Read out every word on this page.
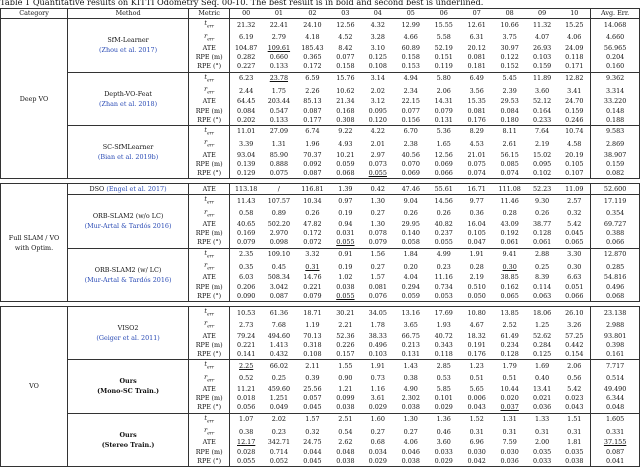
Table 1 Quantitative results on KITTI Odometry Seq. 00-10. The best result is in bold and second best is underlined.
Category	Method	Metric	00	01	02	03	04	05	06	07	08	09	10	Avg. Err.
Deep VO	SfM-Learner
(Zhou et al. 2017)	$t_{err}$	21.32	22.41	24.10	12.56	4.32	12.99	15.55	12.61	10.66	11.32	15.25	14.068
		$r_{err}$	6.19	2.79	4.18	4.52	3.28	4.66	5.58	6.31	3.75	4.07	4.06	4.660
		ATE	104.87	109.61	185.43	8.42	3.10	60.89	52.19	20.12	30.97	26.93	24.09	56.965
		RPE (m)	0.282	0.660	0.365	0.077	0.125	0.158	0.151	0.081	0.122	0.103	0.118	0.204
		RPE (°)	0.227	0.133	0.172	0.158	0.108	0.153	0.119	0.181	0.152	0.159	0.171	0.160

	Depth-VO-Feat
(Zhan et al. 2018)	$t_{err}$	6.23	23.78	6.59	15.76	3.14	4.94	5.80	6.49	5.45	11.89	12.82	9.362
		$r_{err}$	2.44	1.75	2.26	10.62	2.02	2.34	2.06	3.56	2.39	3.60	3.41	3.314
		ATE	64.45	203.44	85.13	21.34	3.12	22.15	14.31	15.35	29.53	52.12	24.70	33.220
		RPE (m)	0.084	0.547	0.087	0.168	0.095	0.077	0.079	0.081	0.084	0.164	0.159	0.148
		RPE (°)	0.202	0.133	0.177	0.308	0.120	0.156	0.131	0.176	0.180	0.233	0.246	0.188

	SC-SfMLearner
(Bian et al. 2019b)	$t_{err}$	11.01	27.09	6.74	9.22	4.22	6.70	5.36	8.29	8.11	7.64	10.74	9.583
		$r_{err}$	3.39	1.31	1.96	4.93	2.01	2.38	1.65	4.53	2.61	2.19	4.58	2.869
		ATE	93.04	85.90	70.37	10.21	2.97	40.56	12.56	21.01	56.15	15.02	20.19	38.907
		RPE (m)	0.139	0.888	0.092	0.059	0.073	0.070	0.069	0.075	0.085	0.095	0.105	0.159
		RPE (°)	0.129	0.075	0.087	0.068	0.055	0.069	0.066	0.074	0.074	0.102	0.107	0.082

Full SLAM / VO with Optim.	DSO (Engel et al. 2017)	ATE	113.18	/	116.81	1.39	0.42	47.46	55.61	16.71	111.08	52.23	11.09	52.600

	ORB-SLAM2 (w/o LC)
(Mur-Artal & Tardós 2016)	$t_{err}$	11.43	107.57	10.34	0.97	1.30	9.04	14.56	9.77	11.46	9.30	2.57	17.119
		$r_{err}$	0.58	0.89	0.26	0.19	0.27	0.26	0.26	0.36	0.28	0.26	0.32	0.354
		ATE	40.65	502.20	47.82	0.94	1.30	29.95	40.82	16.04	43.09	38.77	5.42	69.727
		RPE (m)	0.169	2.970	0.172	0.031	0.078	0.140	0.237	0.105	0.192	0.128	0.045	0.388
		RPE (°)	0.079	0.098	0.072	0.055	0.079	0.058	0.055	0.047	0.061	0.061	0.065	0.066

	ORB-SLAM2 (w/ LC)
(Mur-Artal & Tardós 2016)	$t_{err}$	2.35	109.10	3.32	0.91	1.56	1.84	4.99	1.91	9.41	2.88	3.30	12.870
		$r_{err}$	0.35	0.45	0.31	0.19	0.27	0.20	0.23	0.28	0.30	0.25	0.30	0.285
		ATE	6.03	508.34	14.76	1.02	1.57	4.04	11.16	2.19	38.85	8.39	6.63	54.816
		RPE (m)	0.206	3.042	0.221	0.038	0.081	0.294	0.734	0.510	0.162	0.114	0.051	0.496
		RPE (°)	0.090	0.087	0.079	0.055	0.076	0.059	0.053	0.050	0.065	0.063	0.066	0.068

VO	VISO2
(Geiger et al. 2011)	$t_{err}$	10.53	61.36	18.71	30.21	34.05	13.16	17.69	10.80	13.85	18.06	26.10	23.138
		$r_{err}$	2.73	7.68	1.19	2.21	1.78	3.65	1.93	4.67	2.52	1.25	3.26	2.988
		ATE	79.24	494.60	70.13	52.36	38.33	66.75	40.72	18.32	61.49	52.62	57.25	93.801
		RPE (m)	0.221	1.413	0.318	0.226	0.496	0.213	0.343	0.191	0.234	0.284	0.442	0.398
		RPE (°)	0.141	0.432	0.108	0.157	0.103	0.131	0.118	0.176	0.128	0.125	0.154	0.161

	Ours
(Mono-SC Train.)	$t_{err}$	2.25	66.02	2.11	1.55	1.91	1.43	2.85	1.23	1.79	1.69	2.06	7.717
		$r_{err}$	0.52	0.25	0.39	0.90	0.73	0.38	0.53	0.51	0.51	0.40	0.56	0.514
		ATE	11.21	459.60	25.56	1.21	1.16	4.90	5.85	5.65	10.44	13.41	5.42	49.490
		RPE (m)	0.018	1.251	0.057	0.099	3.61	2.302	0.101	0.006	0.020	0.021	0.023	6.344
		RPE (°)	0.056	0.049	0.045	0.038	0.029	0.038	0.029	0.043	0.037	0.036	0.043	0.048

	Ours
(Stereo Train.)	$t_{err}$	1.07	2.02	1.57	2.51	1.60	1.30	1.36	1.52	1.31	1.33	1.51	1.605
		$r_{err}$	0.38	0.23	0.32	0.54	0.27	0.27	0.46	0.31	0.31	0.31	0.31	0.331
		ATE	12.17	342.71	24.75	2.62	0.68	4.06	3.60	6.96	7.59	2.00	1.81	37.155
		RPE (m)	0.028	0.714	0.044	0.048	0.034	0.046	0.033	0.030	0.030	0.035	0.035	0.087
		RPE (°)	0.055	0.052	0.045	0.038	0.029	0.038	0.029	0.042	0.036	0.033	0.038	0.041
